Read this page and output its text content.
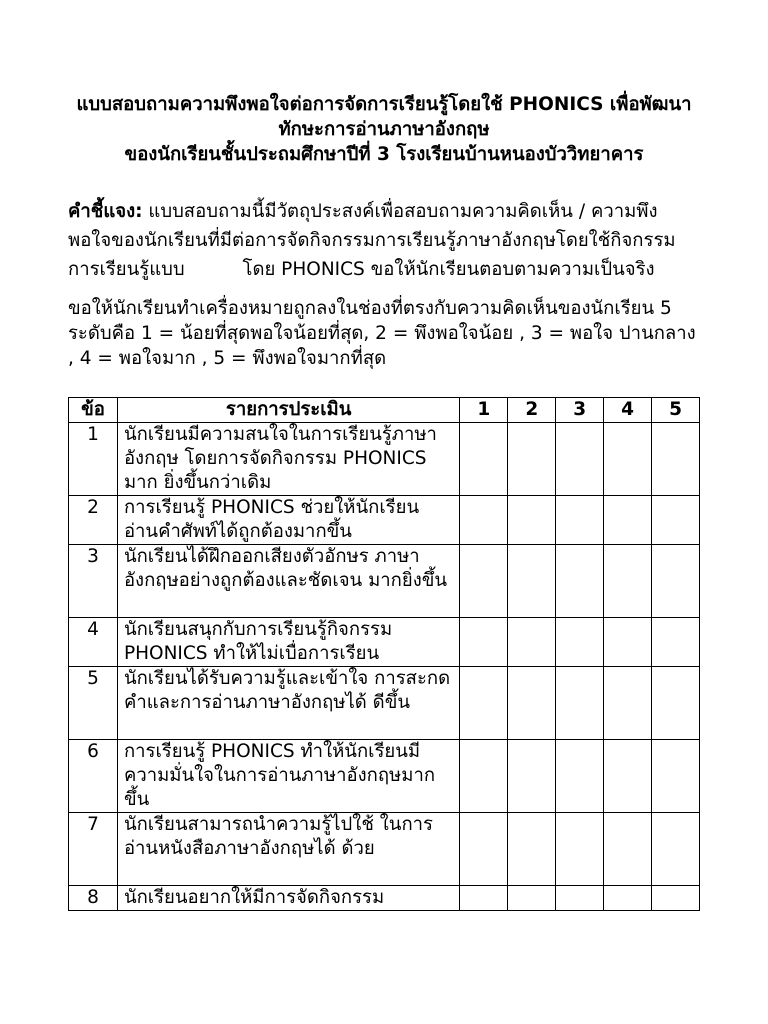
แบบสอบถามความพึงพอใจต่อการจัดการเรียนรู้โดยใช้ PHONICS เพื่อพัฒนา
ทักษะการอ่านภาษาอังกฤษ
ของนักเรียนชั้นประถมศึกษาปีที่ 3 โรงเรียนบ้านหนองบัววิทยาคาร
คำชี้แจง: แบบสอบถามนี้มีวัตถุประสงค์เพื่อสอบถามความคิดเห็น / ความพึงพอใจของนักเรียนที่มีต่อการจัดกิจกรรมการเรียนรู้ภาษาอังกฤษโดยใช้กิจกรรมการเรียนรู้แบบ	โดย PHONICS ขอให้นักเรียนตอบตามความเป็นจริง
ขอให้นักเรียนทำเครื่องหมายถูกลงในช่องที่ตรงกับความคิดเห็นของนักเรียน 5 ระดับคือ 1 = น้อยที่สุดพอใจน้อยที่สุด, 2 = พึงพอใจน้อย , 3 = พอใจ ปานกลาง , 4 = พอใจมาก , 5 = พึงพอใจมากที่สุด
ข้อ	รายการประเมิน	1	2	3	4	5
1	นักเรียนมีความสนใจในการเรียนรู้ภาษาอังกฤษ โดยการจัดกิจกรรม PHONICS มาก ยิ่งขึ้นกว่าเดิม					
2	การเรียนรู้ PHONICS ช่วยให้นักเรียน อ่านคำศัพท์ได้ถูกต้องมากขึ้น					
3	นักเรียนได้ฝึกออกเสียงตัวอักษร ภาษาอังกฤษอย่างถูกต้องและชัดเจน มากยิ่งขึ้น					
4	นักเรียนสนุกกับการเรียนรู้กิจกรรม PHONICS ทำให้ไม่เบื่อการเรียน					
5	นักเรียนได้รับความรู้และเข้าใจ การสะกดคำและการอ่านภาษาอังกฤษได้ ดีขึ้น					
6	การเรียนรู้ PHONICS ทำให้นักเรียนมี ความมั่นใจในการอ่านภาษาอังกฤษมาก ขึ้น					
7	นักเรียนสามารถนำความรู้ไปใช้ ในการอ่านหนังสือภาษาอังกฤษได้ ด้วย					
8	นักเรียนอยากให้มีการจัดกิจกรรม					
